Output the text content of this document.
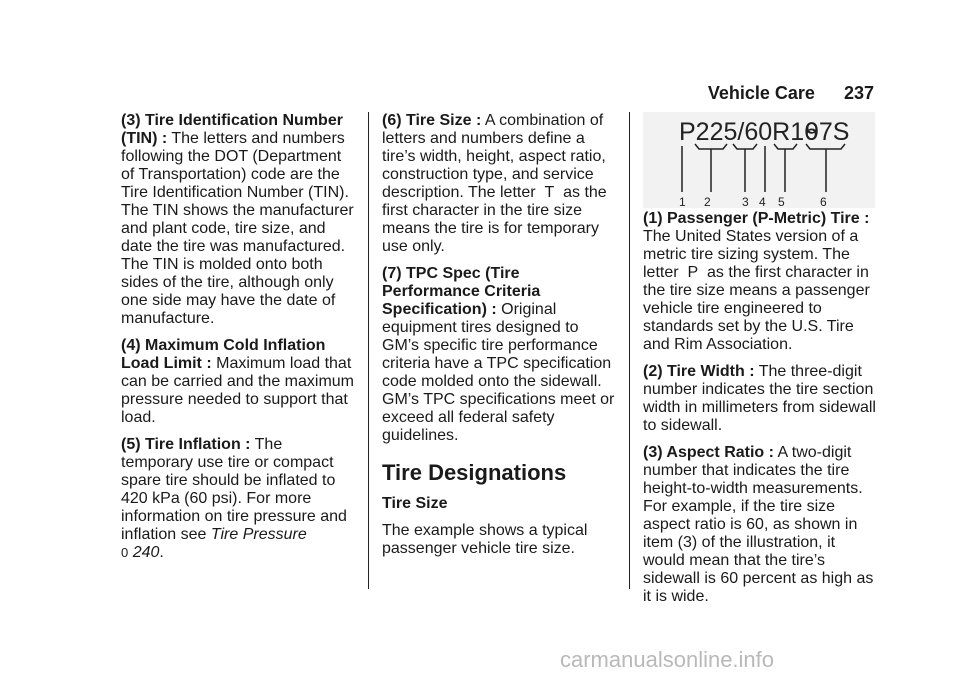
Vehicle Care 237

(3) Tire Identification Number (TIN) : The letters and numbers following the DOT (Department of Transportation) code are the Tire Identification Number (TIN). The TIN shows the manufacturer and plant code, tire size, and date the tire was manufactured. The TIN is molded onto both sides of the tire, although only one side may have the date of manufacture.

(4) Maximum Cold Inflation Load Limit : Maximum load that can be carried and the maximum pressure needed to support that load.

(5) Tire Inflation : The temporary use tire or compact spare tire should be inflated to 420 kPa (60 psi). For more information on tire pressure and inflation see Tire Pressure
0 240.

(6) Tire Size : A combination of letters and numbers define a tire’s width, height, aspect ratio, construction type, and service description. The letter  T  as the first character in the tire size means the tire is for temporary use only.

(7) TPC Spec (Tire Performance Criteria Specification) : Original equipment tires designed to GM’s specific tire performance criteria have a TPC specification code molded onto the sidewall. GM’s TPC specifications meet or exceed all federal safety guidelines.

Tire Designations
Tire Size

The example shows a typical passenger vehicle tire size.

P225/60R16
97S
1 2	3 4 5	6

(1) Passenger (P-Metric) Tire : The United States version of a metric tire sizing system. The letter  P  as the first character in the tire size means a passenger vehicle tire engineered to standards set by the U.S. Tire and Rim Association.

(2) Tire Width : The three-digit number indicates the tire section width in millimeters from sidewall to sidewall.

(3) Aspect Ratio : A two-digit number that indicates the tire height-to-width measurements. For example, if the tire size aspect ratio is 60, as shown in item (3) of the illustration, it would mean that the tire’s sidewall is 60 percent as high as it is wide.

carmanualsonline.info
